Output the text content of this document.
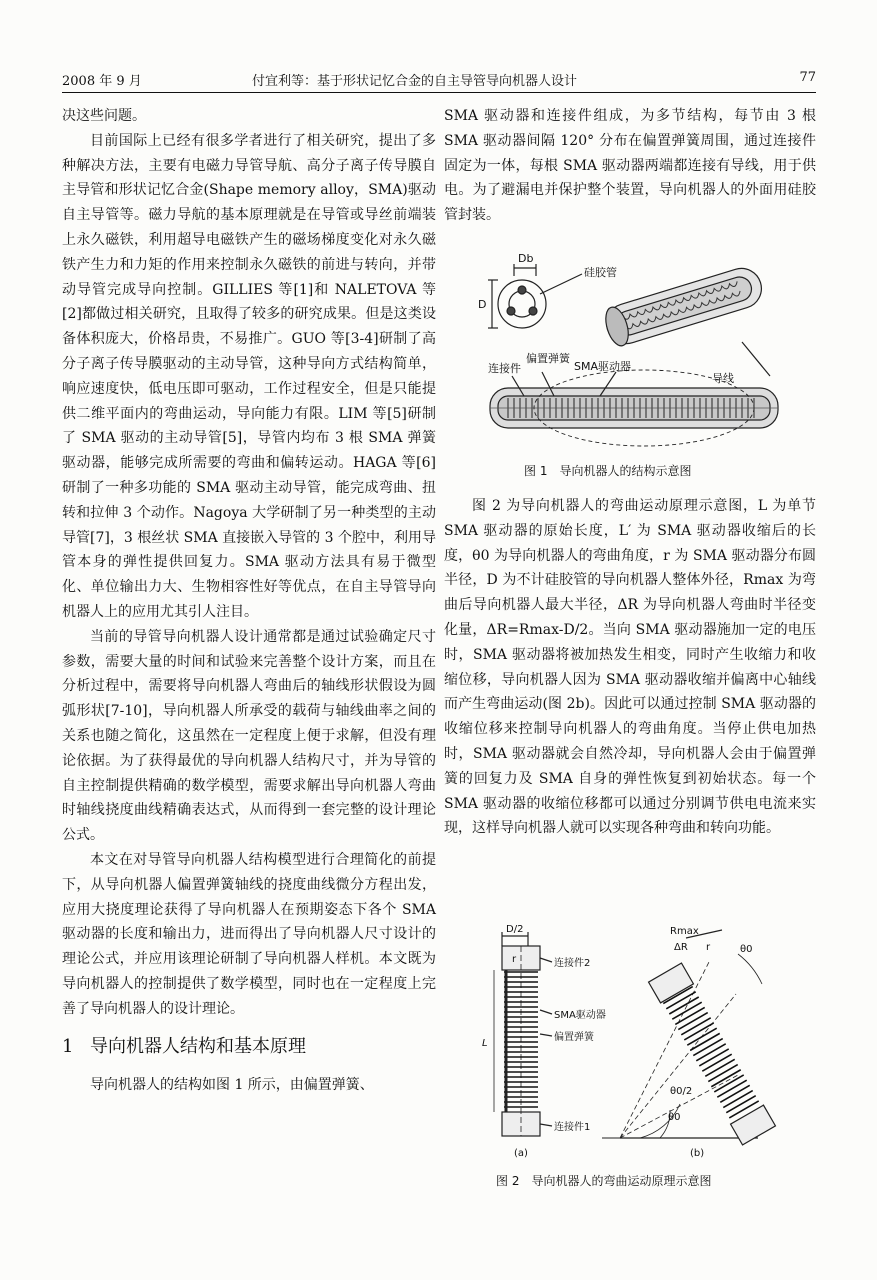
2008 年 9 月	付宜利等：基于形状记忆合金的自主导管导向机器人设计	77

决这些问题。

目前国际上已经有很多学者进行了相关研究，提出了多种解决方法，主要有电磁力导管导航、高分子离子传导膜自主导管和形状记忆合金(Shape memory alloy，SMA)驱动自主导管等。磁力导航的基本原理就是在导管或导丝前端装上永久磁铁，利用超导电磁铁产生的磁场梯度变化对永久磁铁产生力和力矩的作用来控制永久磁铁的前进与转向，并带动导管完成导向控制。GILLIES 等[1]和 NALETOVA 等[2]都做过相关研究，且取得了较多的研究成果。但是这类设备体积庞大，价格昂贵，不易推广。GUO 等[3-4]研制了高分子离子传导膜驱动的主动导管，这种导向方式结构简单，响应速度快，低电压即可驱动，工作过程安全，但是只能提供二维平面内的弯曲运动，导向能力有限。LIM 等[5]研制了 SMA 驱动的主动导管[5]，导管内均布 3 根 SMA 弹簧驱动器，能够完成所需要的弯曲和偏转运动。HAGA 等[6]研制了一种多功能的 SMA 驱动主动导管，能完成弯曲、扭转和拉伸 3 个动作。Nagoya 大学研制了另一种类型的主动导管[7]，3 根丝状 SMA 直接嵌入导管的 3 个腔中，利用导管本身的弹性提供回复力。SMA 驱动方法具有易于微型化、单位输出力大、生物相容性好等优点，在自主导管导向机器人上的应用尤其引人注目。

当前的导管导向机器人设计通常都是通过试验确定尺寸参数，需要大量的时间和试验来完善整个设计方案，而且在分析过程中，需要将导向机器人弯曲后的轴线形状假设为圆弧形状[7-10]，导向机器人所承受的载荷与轴线曲率之间的关系也随之简化，这虽然在一定程度上便于求解，但没有理论依据。为了获得最优的导向机器人结构尺寸，并为导管的自主控制提供精确的数学模型，需要求解出导向机器人弯曲时轴线挠度曲线精确表达式，从而得到一套完整的设计理论公式。

本文在对导管导向机器人结构模型进行合理简化的前提下，从导向机器人偏置弹簧轴线的挠度曲线微分方程出发，应用大挠度理论获得了导向机器人在预期姿态下各个 SMA 驱动器的长度和输出力，进而得出了导向机器人尺寸设计的理论公式，并应用该理论研制了导向机器人样机。本文既为导向机器人的控制提供了数学模型，同时也在一定程度上完善了导向机器人的设计理论。

1 导向机器人结构和基本原理

导向机器人的结构如图 1 所示，由偏置弹簧、

SMA 驱动器和连接件组成，为多节结构，每节由 3 根 SMA 驱动器间隔 120° 分布在偏置弹簧周围，通过连接件固定为一体，每根 SMA 驱动器两端都连接有导线，用于供电。为了避漏电并保护整个装置，导向机器人的外面用硅胶管封装。

Db
D
硅胶管
连接件
偏置弹簧
SMA驱动器
导线
图 1　导向机器人的结构示意图

图 2 为导向机器人的弯曲运动原理示意图，L 为单节 SMA 驱动器的原始长度，L′ 为 SMA 驱动器收缩后的长度，θ0 为导向机器人的弯曲角度，r 为 SMA 驱动器分布圆半径，D 为不计硅胶管的导向机器人整体外径，Rmax 为弯曲后导向机器人最大半径，ΔR 为导向机器人弯曲时半径变化量，ΔR=Rmax-D/2。当向 SMA 驱动器施加一定的电压时，SMA 驱动器将被加热发生相变，同时产生收缩力和收缩位移，导向机器人因为 SMA 驱动器收缩并偏离中心轴线而产生弯曲运动(图 2b)。因此可以通过控制 SMA 驱动器的收缩位移来控制导向机器人的弯曲角度。当停止供电加热时，SMA 驱动器就会自然冷却，导向机器人会由于偏置弹簧的回复力及 SMA 自身的弹性恢复到初始状态。每一个 SMA 驱动器的收缩位移都可以通过分别调节供电电流来实现，这样导向机器人就可以实现各种弯曲和转向功能。

D/2
r	连接件2
SMA驱动器
偏置弹簧
L
连接件1
(a)	(b)
Rmax
ΔR r	θ0
θ0/2
θ0
图 2　导向机器人的弯曲运动原理示意图
